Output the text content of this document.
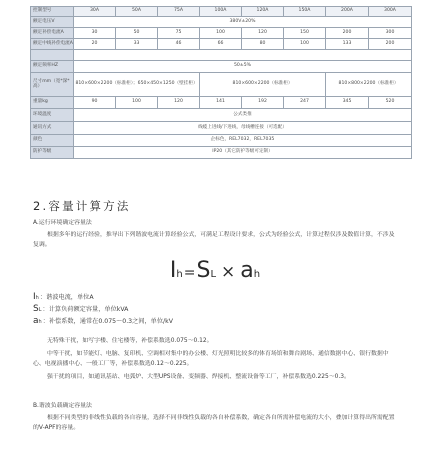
控制型号	30A	50A	75A	100A	120A	150A	200A	300A
额定电压V	380V±20%							
额定补偿电流A	30	50	75	100	120	150	200	300
额定中线补偿电流A	20	33	46	66	80	100	133	200

额定频率HZ	50±5%							
尺寸mm（宽*深*高）	810×600×2200（标准柜）；650×450×1250（壁挂柜）			810×600×2200（标准柜）			810×800×2200（标准柜）	
重量kg	90	100	120	141	192	247	345	520
环境温度	公式类推							
通讯方式	线缆上进线/下进线，母线槽连接（可选配）							
颜色	企标色，REL7032，REL7035							
防护等级	IP20（其它防护等级可定制）							
2.容量计算方法
A.运行环境确定容量法
根据多年的运行经验，推导出下列谐波电流计算经验公式，可满足工程设计要求，公式为经验公式，计算过程仅涉及数值计算，不涉及复调。
I h = S L × a h
I h ：谐波电流，单位A
S L ：计算负荷额定容量，单位kVA
a h ：补偿系数，通常在0.075～0.3之间，单位/kV
无特殊干扰，如写字楼、住宅楼等，补偿系数选0.075～0.12。
中等干扰，如节能灯、电脑、复印机、空调相对集中的办公楼、灯光照明比较多的体育场馆和舞台剧场、通信数据中心、银行数据中心、电视演播中心、一般工厂等，补偿系数选0.12～0.225。
强干扰的项目，如通讯基站、电弧炉、大型UPS设备、变频器、焊接机、整流设备等工厂，补偿系数选0.225～0.3。
B.谐波负载确定容量法
根据不同类型的非线性负载的各自容量，选择不同非线性负载的各自补偿系数，确定各自所需补偿电流的大小，叠加计算得出所需配置的V-APF的容量。
